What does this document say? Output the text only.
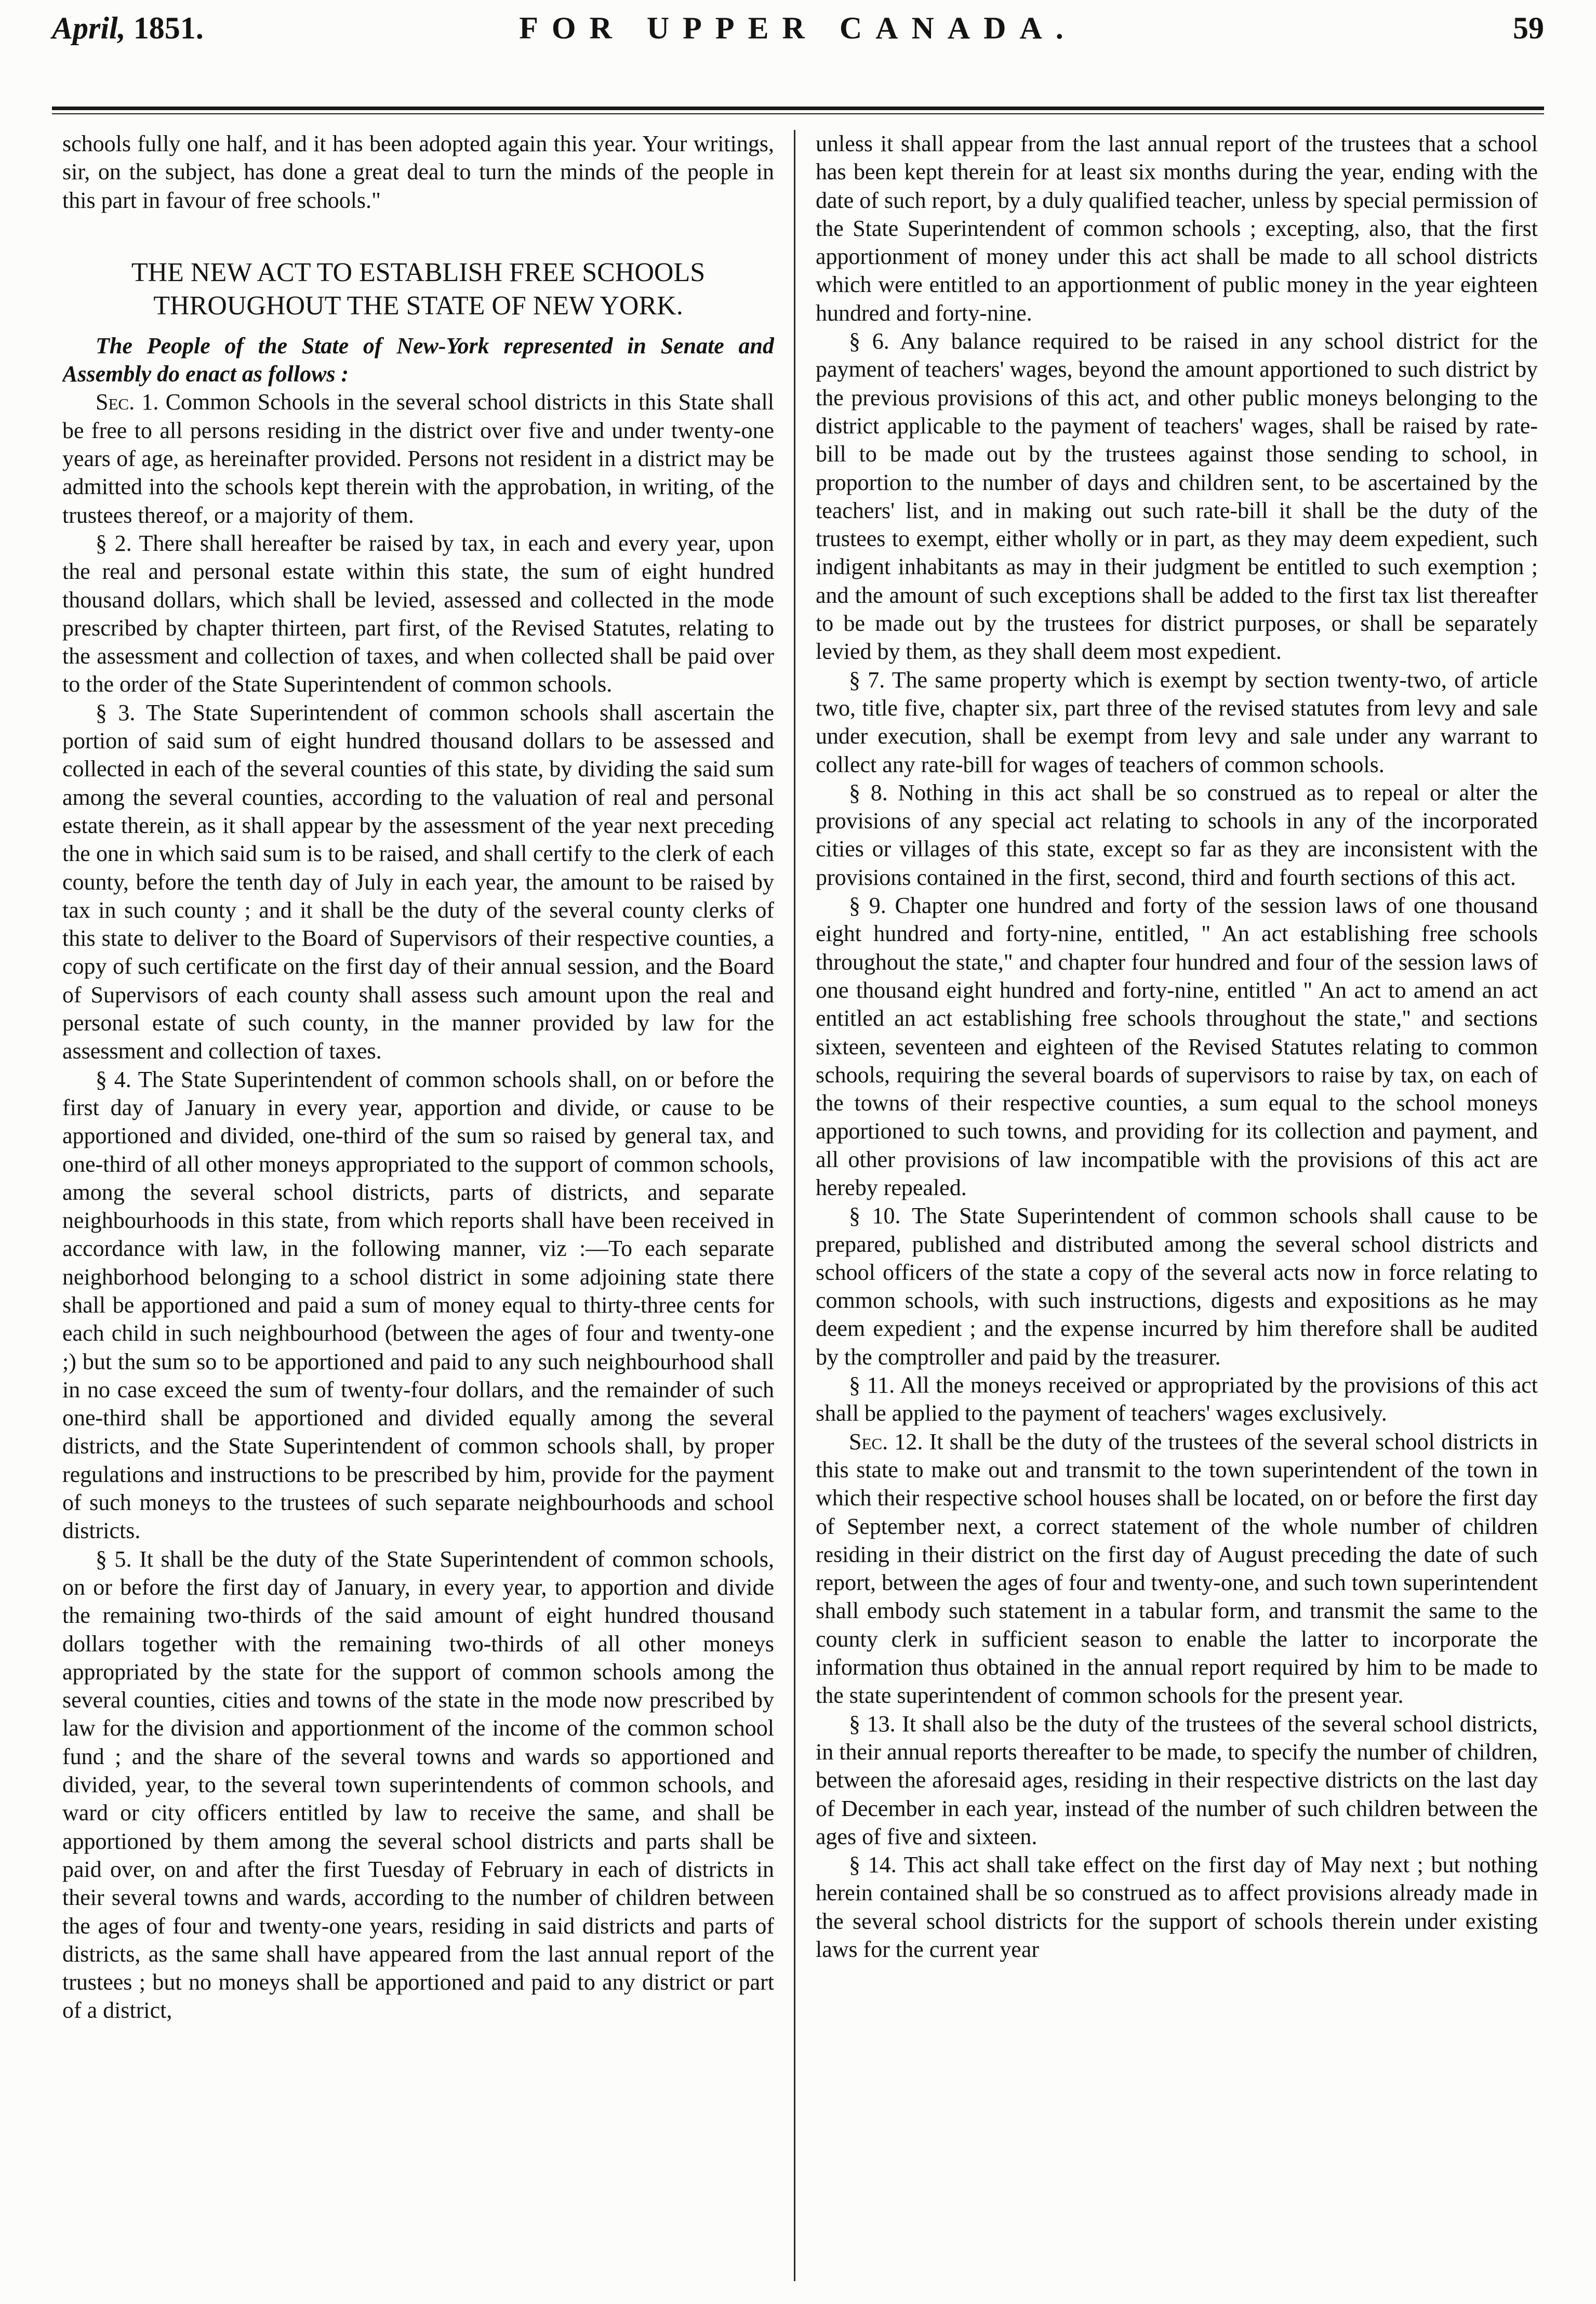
April, 1851.	FOR UPPER CANADA.	59

schools fully one half, and it has been adopted again this year. Your writings, sir, on the subject, has done a great deal to turn the minds of the people in this part in favour of free schools."

THE NEW ACT TO ESTABLISH FREE SCHOOLS
THROUGHOUT THE STATE OF NEW YORK.

The People of the State of New-York represented in Senate and Assembly do enact as follows :

Sec. 1. Common Schools in the several school districts in this State shall be free to all persons residing in the district over five and under twenty-one years of age, as hereinafter provided. Persons not resident in a district may be admitted into the schools kept therein with the approbation, in writing, of the trustees thereof, or a majority of them.

§ 2. There shall hereafter be raised by tax, in each and every year, upon the real and personal estate within this state, the sum of eight hundred thousand dollars, which shall be levied, assessed and collected in the mode prescribed by chapter thirteen, part first, of the Revised Statutes, relating to the assessment and collection of taxes, and when collected shall be paid over to the order of the State Superintendent of common schools.

§ 3. The State Superintendent of common schools shall ascertain the portion of said sum of eight hundred thousand dollars to be assessed and collected in each of the several counties of this state, by dividing the said sum among the several counties, according to the valuation of real and personal estate therein, as it shall appear by the assessment of the year next preceding the one in which said sum is to be raised, and shall certify to the clerk of each county, before the tenth day of July in each year, the amount to be raised by tax in such county ; and it shall be the duty of the several county clerks of this state to deliver to the Board of Supervisors of their respective counties, a copy of such certificate on the first day of their annual session, and the Board of Supervisors of each county shall assess such amount upon the real and personal estate of such county, in the manner provided by law for the assessment and collection of taxes.

§ 4. The State Superintendent of common schools shall, on or before the first day of January in every year, apportion and divide, or cause to be apportioned and divided, one-third of the sum so raised by general tax, and one-third of all other moneys appropriated to the support of common schools, among the several school districts, parts of districts, and separate neighbourhoods in this state, from which reports shall have been received in accordance with law, in the following manner, viz :—To each separate neighborhood belonging to a school district in some adjoining state there shall be apportioned and paid a sum of money equal to thirty-three cents for each child in such neighbourhood (between the ages of four and twenty-one ;) but the sum so to be apportioned and paid to any such neighbourhood shall in no case exceed the sum of twenty-four dollars, and the remainder of such one-third shall be apportioned and divided equally among the several districts, and the State Superintendent of common schools shall, by proper regulations and instructions to be prescribed by him, provide for the payment of such moneys to the trustees of such separate neighbourhoods and school districts.

§ 5. It shall be the duty of the State Superintendent of common schools, on or before the first day of January, in every year, to apportion and divide the remaining two-thirds of the said amount of eight hundred thousand dollars together with the remaining two-thirds of all other moneys appropriated by the state for the support of common schools among the several counties, cities and towns of the state in the mode now prescribed by law for the division and apportionment of the income of the common school fund ; and the share of the several towns and wards so apportioned and divided, year, to the several town superintendents of common schools, and ward or city officers entitled by law to receive the same, and shall be apportioned by them among the several school districts and parts shall be paid over, on and after the first Tuesday of February in each of districts in their several towns and wards, according to the number of children between the ages of four and twenty-one years, residing in said districts and parts of districts, as the same shall have appeared from the last annual report of the trustees ; but no moneys shall be apportioned and paid to any district or part of a district,

unless it shall appear from the last annual report of the trustees that a school has been kept therein for at least six months during the year, ending with the date of such report, by a duly qualified teacher, unless by special permission of the State Superintendent of common schools ; excepting, also, that the first apportionment of money under this act shall be made to all school districts which were entitled to an apportionment of public money in the year eighteen hundred and forty-nine.

§ 6. Any balance required to be raised in any school district for the payment of teachers' wages, beyond the amount apportioned to such district by the previous provisions of this act, and other public moneys belonging to the district applicable to the payment of teachers' wages, shall be raised by rate-bill to be made out by the trustees against those sending to school, in proportion to the number of days and children sent, to be ascertained by the teachers' list, and in making out such rate-bill it shall be the duty of the trustees to exempt, either wholly or in part, as they may deem expedient, such indigent inhabitants as may in their judgment be entitled to such exemption ; and the amount of such exceptions shall be added to the first tax list thereafter to be made out by the trustees for district purposes, or shall be separately levied by them, as they shall deem most expedient.

§ 7. The same property which is exempt by section twenty-two, of article two, title five, chapter six, part three of the revised statutes from levy and sale under execution, shall be exempt from levy and sale under any warrant to collect any rate-bill for wages of teachers of common schools.

§ 8. Nothing in this act shall be so construed as to repeal or alter the provisions of any special act relating to schools in any of the incorporated cities or villages of this state, except so far as they are inconsistent with the provisions contained in the first, second, third and fourth sections of this act.

§ 9. Chapter one hundred and forty of the session laws of one thousand eight hundred and forty-nine, entitled, " An act establishing free schools throughout the state," and chapter four hundred and four of the session laws of one thousand eight hundred and forty-nine, entitled " An act to amend an act entitled an act establishing free schools throughout the state," and sections sixteen, seventeen and eighteen of the Revised Statutes relating to common schools, requiring the several boards of supervisors to raise by tax, on each of the towns of their respective counties, a sum equal to the school moneys apportioned to such towns, and providing for its collection and payment, and all other provisions of law incompatible with the provisions of this act are hereby repealed.

§ 10. The State Superintendent of common schools shall cause to be prepared, published and distributed among the several school districts and school officers of the state a copy of the several acts now in force relating to common schools, with such instructions, digests and expositions as he may deem expedient ; and the expense incurred by him therefore shall be audited by the comptroller and paid by the treasurer.

§ 11. All the moneys received or appropriated by the provisions of this act shall be applied to the payment of teachers' wages exclusively.

Sec. 12. It shall be the duty of the trustees of the several school districts in this state to make out and transmit to the town superintendent of the town in which their respective school houses shall be located, on or before the first day of September next, a correct statement of the whole number of children residing in their district on the first day of August preceding the date of such report, between the ages of four and twenty-one, and such town superintendent shall embody such statement in a tabular form, and transmit the same to the county clerk in sufficient season to enable the latter to incorporate the information thus obtained in the annual report required by him to be made to the state superintendent of common schools for the present year.

§ 13. It shall also be the duty of the trustees of the several school districts, in their annual reports thereafter to be made, to specify the number of children, between the aforesaid ages, residing in their respective districts on the last day of December in each year, instead of the number of such children between the ages of five and sixteen.

§ 14. This act shall take effect on the first day of May next ; but nothing herein contained shall be so construed as to affect provisions already made in the several school districts for the support of schools therein under existing laws for the current year
